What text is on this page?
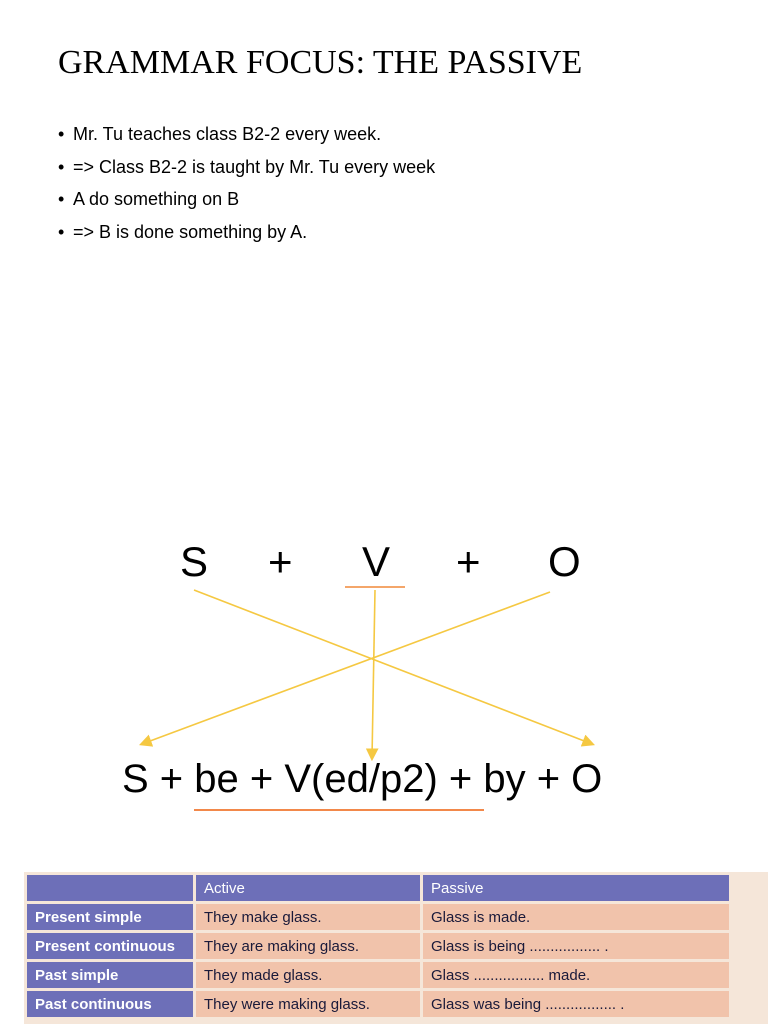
GRAMMAR FOCUS: THE PASSIVE
• Mr. Tu teaches class B2-2 every week.
• => Class B2-2 is taught by Mr. Tu every week
• A do something on B
• => B is done something by A.
S + V + O
S + be + V(ed/p2) + by + O
	Active	Passive
Present simple	They make glass.	Glass is made.
Present continuous	They are making glass.	Glass is being ................. .
Past simple	They made glass.	Glass ................. made.
Past continuous	They were making glass.	Glass was being ................. .
